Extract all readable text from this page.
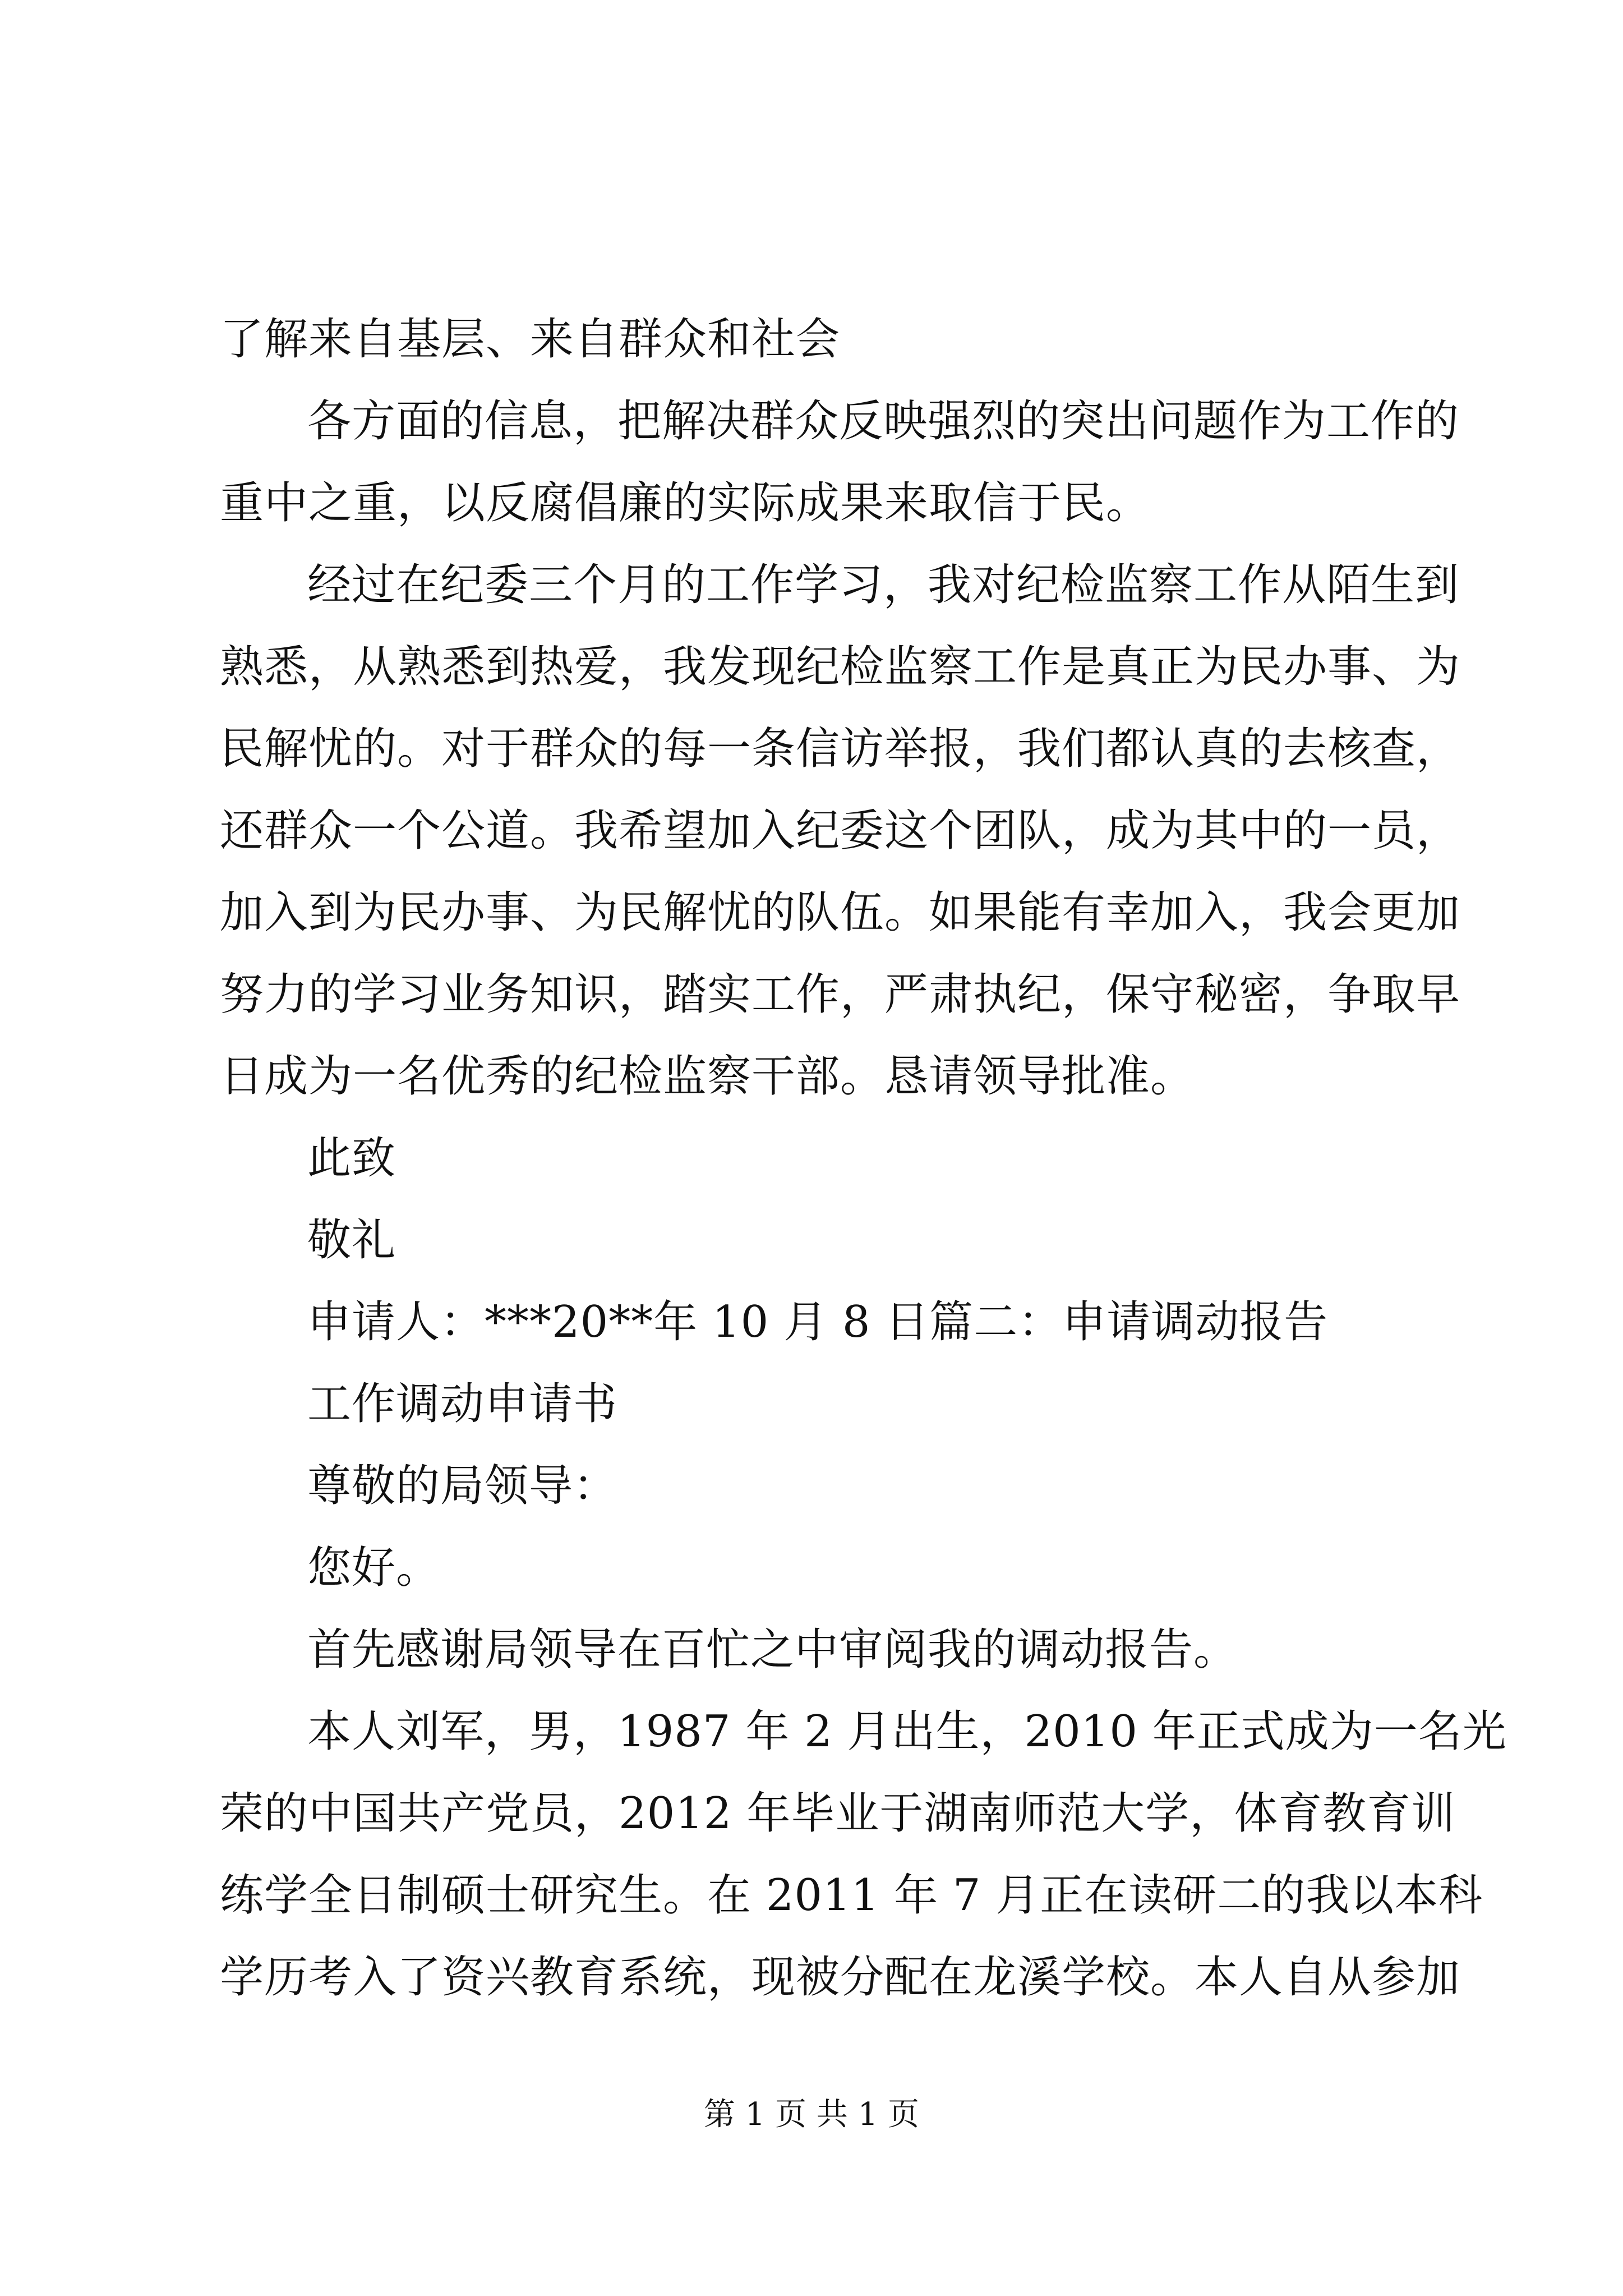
了解来自基层、来自群众和社会
各方面的信息，把解决群众反映强烈的突出问题作为工作的
重中之重，以反腐倡廉的实际成果来取信于民。
经过在纪委三个月的工作学习，我对纪检监察工作从陌生到
熟悉，从熟悉到热爱，我发现纪检监察工作是真正为民办事、为
民解忧的。对于群众的每一条信访举报，我们都认真的去核查，
还群众一个公道。我希望加入纪委这个团队，成为其中的一员，
加入到为民办事、为民解忧的队伍。如果能有幸加入，我会更加
努力的学习业务知识，踏实工作，严肃执纪，保守秘密，争取早
日成为一名优秀的纪检监察干部。恳请领导批准。
此致
敬礼
申请人：***20**年 10 月 8 日篇二：申请调动报告
工作调动申请书
尊敬的局领导：
您好。
首先感谢局领导在百忙之中审阅我的调动报告。
本人刘军，男，1987 年 2 月出生，2010 年正式成为一名光
荣的中国共产党员，2012 年毕业于湖南师范大学，体育教育训
练学全日制硕士研究生。在 2011 年 7 月正在读研二的我以本科
学历考入了资兴教育系统，现被分配在龙溪学校。本人自从参加
第 1 页 共 1 页
